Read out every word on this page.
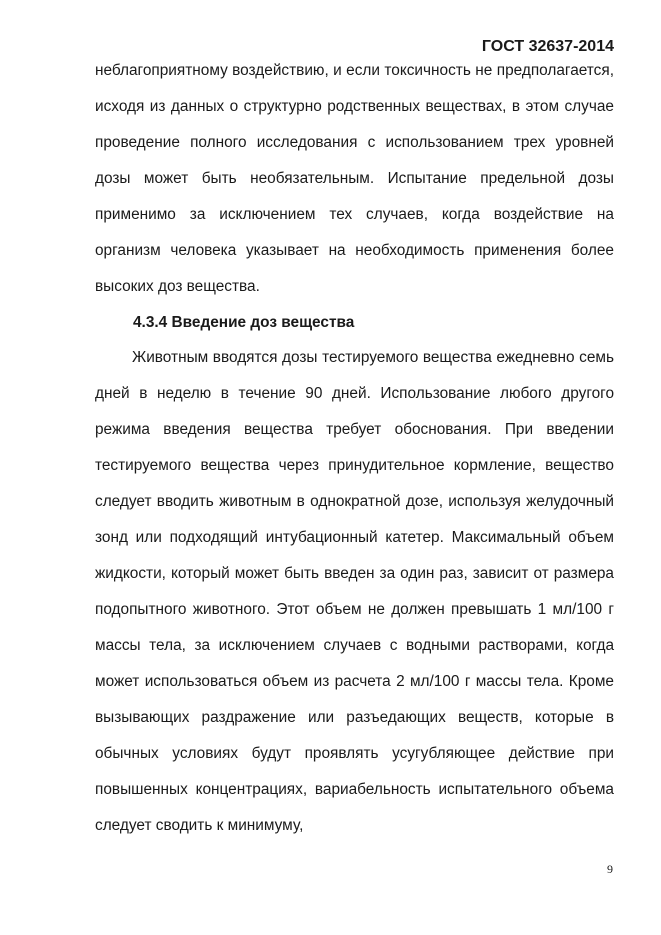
ГОСТ 32637-2014

неблагоприятному воздействию, и если токсичность не предполагается, исходя из данных о структурно родственных веществах, в этом случае проведение полного исследования с использованием трех уровней дозы может быть необязательным. Испытание предельной дозы применимо за исключением тех случаев, когда воздействие на организм человека указывает на необходимость применения более высоких доз вещества.

4.3.4 Введение доз вещества

Животным вводятся дозы тестируемого вещества ежедневно семь дней в неделю в течение 90 дней. Использование любого другого режима введения вещества требует обоснования. При введении тестируемого вещества через принудительное кормление, вещество следует вводить животным в однократной дозе, используя желудочный зонд или подходящий интубационный катетер. Максимальный объем жидкости, который может быть введен за один раз, зависит от размера подопытного животного. Этот объем не должен превышать 1 мл/100 г массы тела, за исключением случаев с водными растворами, когда может использоваться объем из расчета 2 мл/100 г массы тела. Кроме вызывающих раздражение или разъедающих веществ, которые в обычных условиях будут проявлять усугубляющее действие при повышенных концентрациях, вариабельность испытательного объема следует сводить к минимуму,

9
